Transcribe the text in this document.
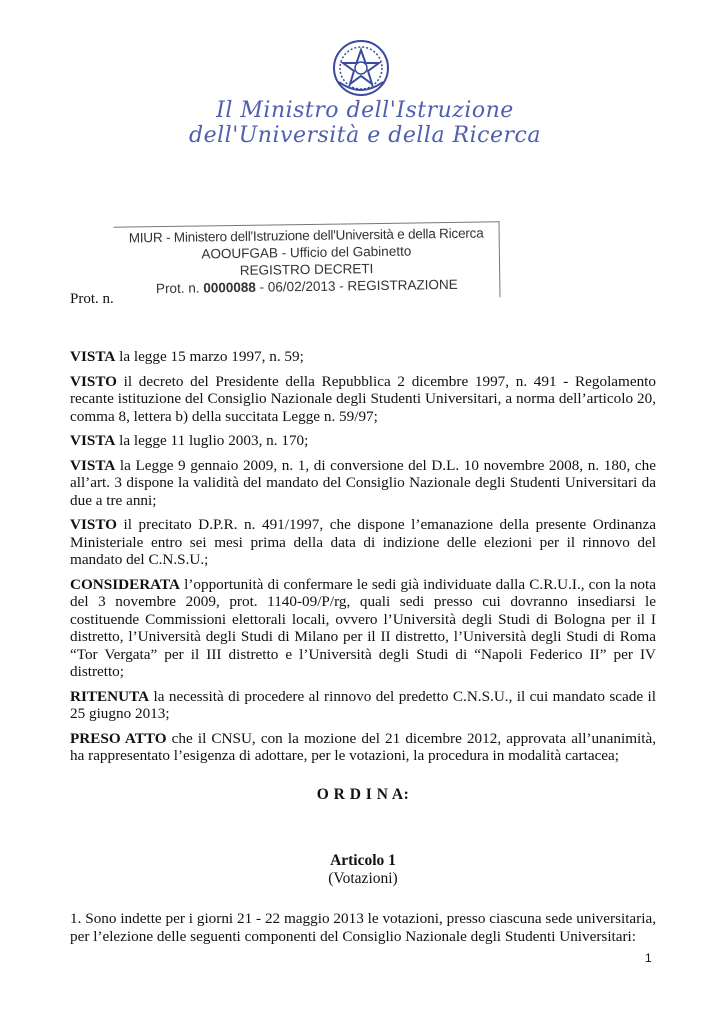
Il Ministro dell'Istruzione dell'Università e della Ricerca
MIUR - Ministero dell'Istruzione dell'Università e della Ricerca
AOOUFGAB - Ufficio del Gabinetto
REGISTRO DECRETI
Prot. n. 0000088 - 06/02/2013 - REGISTRAZIONE
Prot. n.

VISTA la legge 15 marzo 1997, n. 59;

VISTO il decreto del Presidente della Repubblica 2 dicembre 1997, n. 491 - Regolamento recante istituzione del Consiglio Nazionale degli Studenti Universitari, a norma dell’articolo 20, comma 8, lettera b) della succitata Legge n. 59/97;

VISTA la legge 11 luglio 2003, n. 170;

VISTA la Legge 9 gennaio 2009, n. 1, di conversione del D.L. 10 novembre 2008, n. 180, che all’art. 3 dispone la validità del mandato del Consiglio Nazionale degli Studenti Universitari da due a tre anni;

VISTO il precitato D.P.R. n. 491/1997, che dispone l’emanazione della presente Ordinanza Ministeriale entro sei mesi prima della data di indizione delle elezioni per il rinnovo del mandato del C.N.S.U.;

CONSIDERATA l’opportunità di confermare le sedi già individuate dalla C.R.U.I., con la nota del 3 novembre 2009, prot. 1140-09/P/rg, quali sedi presso cui dovranno insediarsi le costituende Commissioni elettorali locali, ovvero l’Università degli Studi di Bologna per il I distretto, l’Università degli Studi di Milano per il II distretto, l’Università degli Studi di Roma “Tor Vergata” per il III distretto e l’Università degli Studi di “Napoli Federico II” per IV distretto;

RITENUTA la necessità di procedere al rinnovo del predetto C.N.S.U., il cui mandato scade il 25 giugno 2013;

PRESO ATTO che il CNSU, con la mozione del 21 dicembre 2012, approvata all’unanimità, ha rappresentato l’esigenza di adottare, per le votazioni, la procedura in modalità cartacea;

O R D I N A:
Articolo 1
(Votazioni)
1. Sono indette per i giorni 21 - 22 maggio 2013 le votazioni, presso ciascuna sede universitaria, per l’elezione delle seguenti componenti del Consiglio Nazionale degli Studenti Universitari:
1
